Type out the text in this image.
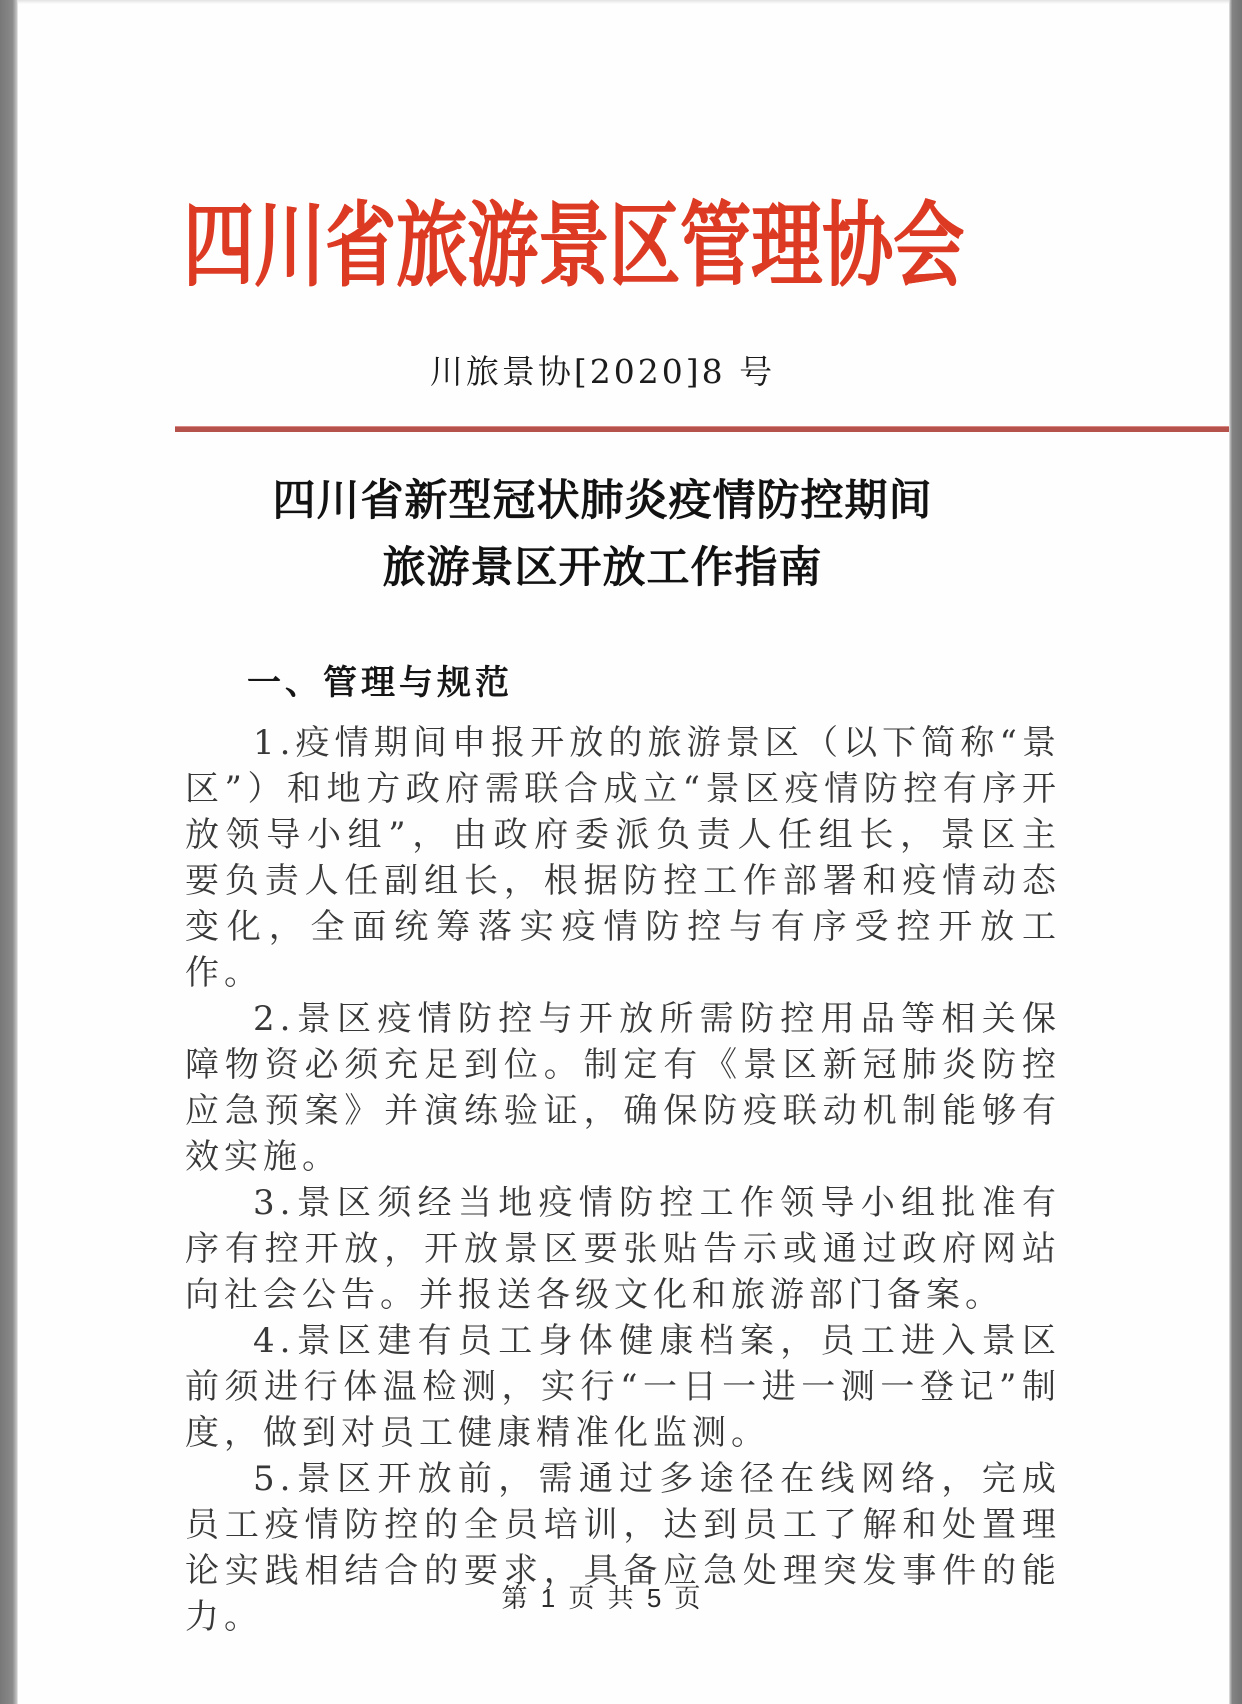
四川省旅游景区管理协会
川旅景协[2020]8 号
四川省新型冠状肺炎疫情防控期间
旅游景区开放工作指南
一、管理与规范

1.疫情期间申报开放的旅游景区（以下简称“景区”）和地方政府需联合成立“景区疫情防控有序开放领导小组”，由政府委派负责人任组长，景区主要负责人任副组长，根据防控工作部署和疫情动态变化，全面统筹落实疫情防控与有序受控开放工作。

2.景区疫情防控与开放所需防控用品等相关保障物资必须充足到位。制定有《景区新冠肺炎防控应急预案》并演练验证，确保防疫联动机制能够有效实施。

3.景区须经当地疫情防控工作领导小组批准有序有控开放，开放景区要张贴告示或通过政府网站向社会公告。并报送各级文化和旅游部门备案。

4.景区建有员工身体健康档案，员工进入景区前须进行体温检测，实行“一日一进一测一登记”制度，做到对员工健康精准化监测。

5.景区开放前，需通过多途径在线网络，完成员工疫情防控的全员培训，达到员工了解和处置理论实践相结合的要求，具备应急处理突发事件的能力。	第 1 页 共 5 页
